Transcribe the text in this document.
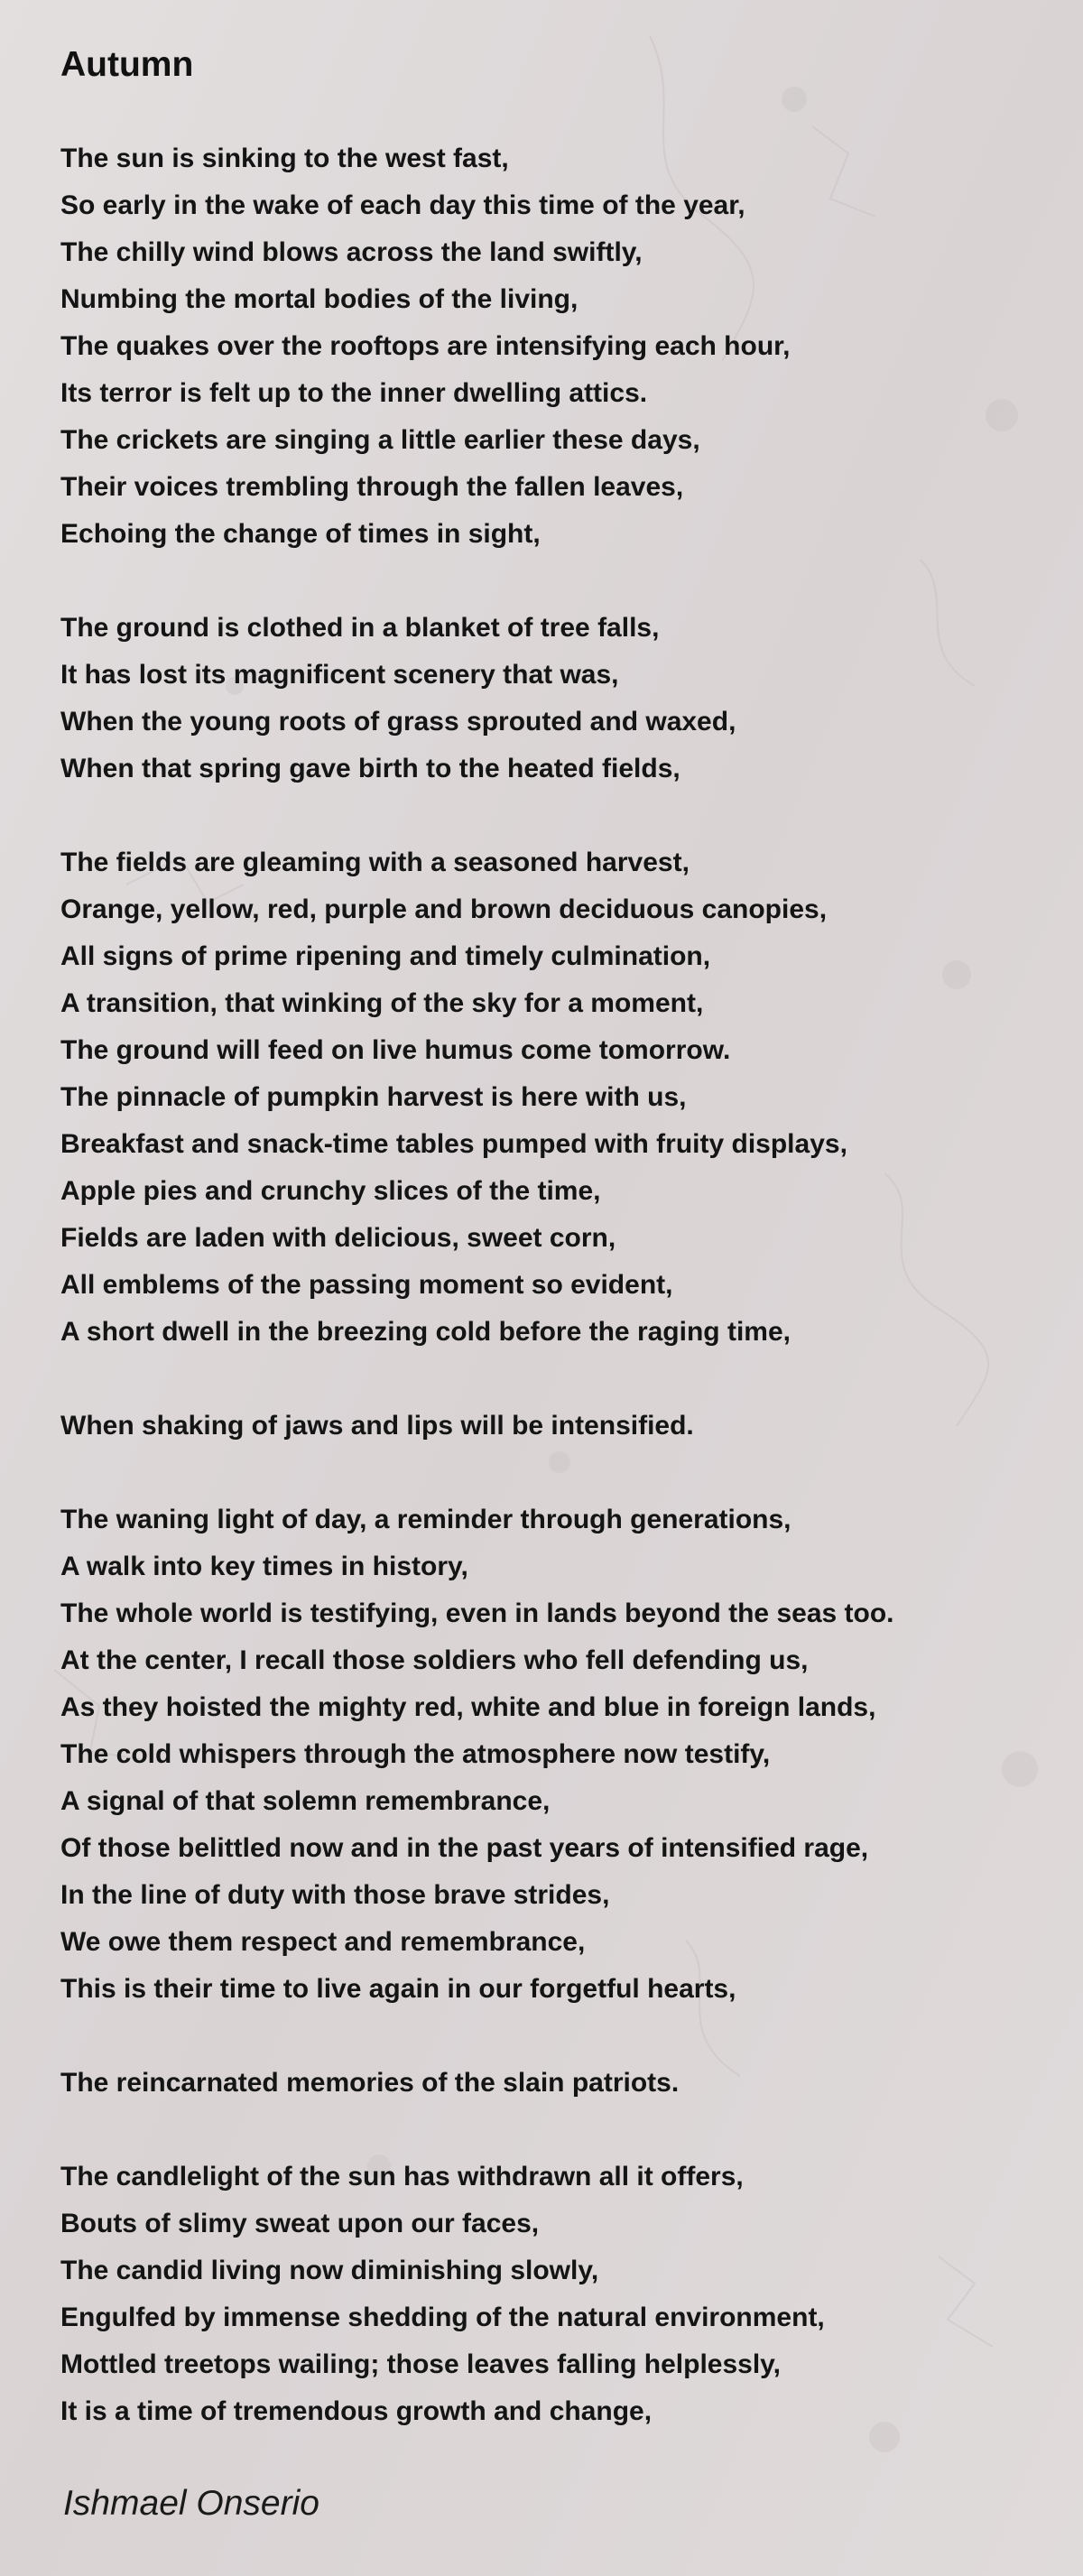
Autumn
The sun is sinking to the west fast,
So early in the wake of each day this time of the year,
The chilly wind blows across the land swiftly,
Numbing the mortal bodies of the living,
The quakes over the rooftops are intensifying each hour,
Its terror is felt up to the inner dwelling attics.
The crickets are singing a little earlier these days,
Their voices trembling through the fallen leaves,
Echoing the change of times in sight,
The ground is clothed in a blanket of tree falls,
It has lost its magnificent scenery that was,
When the young roots of grass sprouted and waxed,
When that spring gave birth to the heated fields,
The fields are gleaming with a seasoned harvest,
Orange, yellow, red, purple and brown deciduous canopies,
All signs of prime ripening and timely culmination,
A transition, that winking of the sky for a moment,
The ground will feed on live humus come tomorrow.
The pinnacle of pumpkin harvest is here with us,
Breakfast and snack-time tables pumped with fruity displays,
Apple pies and crunchy slices of the time,
Fields are laden with delicious, sweet corn,
All emblems of the passing moment so evident,
A short dwell in the breezing cold before the raging time,
When shaking of jaws and lips will be intensified.
The waning light of day, a reminder through generations,
A walk into key times in history,
The whole world is testifying, even in lands beyond the seas too.
At the center, I recall those soldiers who fell defending us,
As they hoisted the mighty red, white and blue in foreign lands,
The cold whispers through the atmosphere now testify,
A signal of that solemn remembrance,
Of those belittled now and in the past years of intensified rage,
In the line of duty with those brave strides,
We owe them respect and remembrance,
This is their time to live again in our forgetful hearts,
The reincarnated memories of the slain patriots.
The candlelight of the sun has withdrawn all it offers,
Bouts of slimy sweat upon our faces,
The candid living now diminishing slowly,
Engulfed by immense shedding of the natural environment,
Mottled treetops wailing; those leaves falling helplessly,
It is a time of tremendous growth and change,
Ishmael Onserio
